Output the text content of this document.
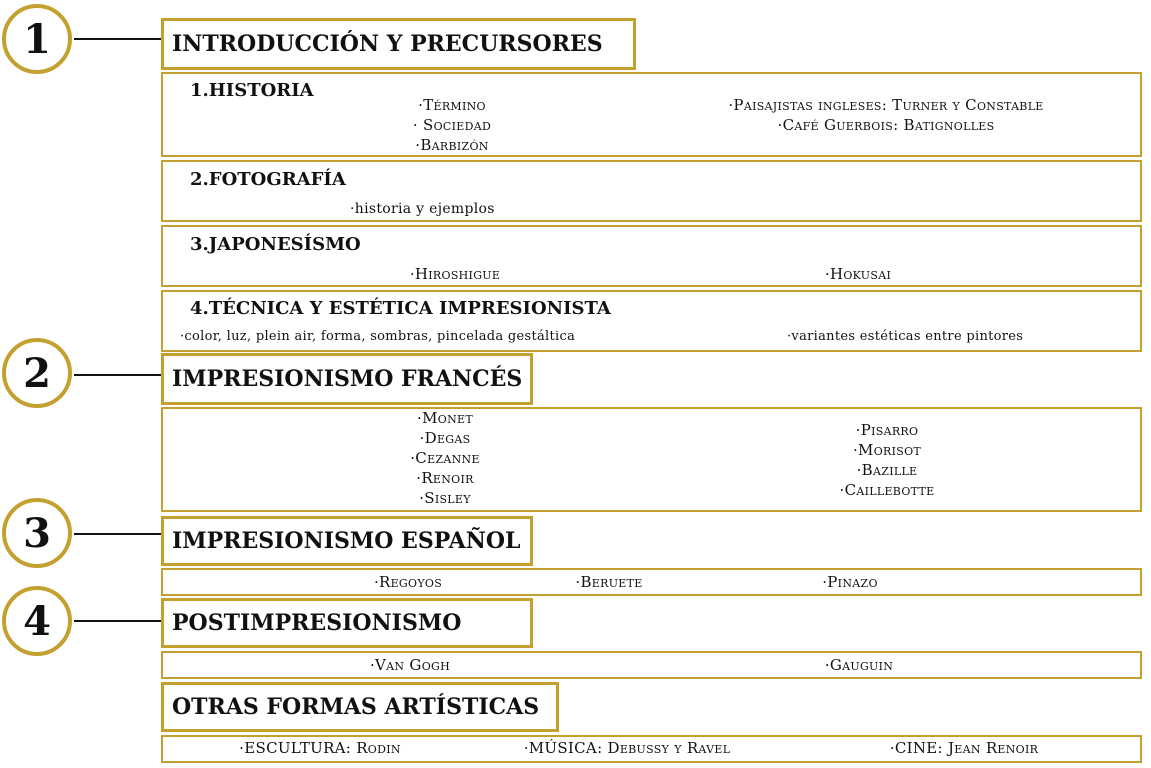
1
2
3
4
INTRODUCCIÓN Y PRECURSORES
1.HISTORIA
·Término
· Sociedad
·Barbizón
·Paisajistas ingleses: Turner y Constable
·Café Guerbois: Batignolles
2.FOTOGRAFÍA
·historia y ejemplos
3.JAPONESÍSMO
·Hiroshigue	·Hokusai
4.TÉCNICA Y ESTÉTICA IMPRESIONISTA
·color, luz, plein air, forma, sombras, pincelada gestáltica	·variantes estéticas entre pintores
IMPRESIONISMO FRANCÉS
·Monet
·Degas
·Cezanne
·Renoir
·Sisley
·Pisarro
·Morisot
·Bazille
·Caillebotte
IMPRESIONISMO ESPAÑOL
·Regoyos	·Beruete	·Pinazo
POSTIMPRESIONISMO
·Van Gogh	·Gauguin
OTRAS FORMAS ARTÍSTICAS
·ESCULTURA: Rodin	·MÚSICA: Debussy y Ravel	·CINE: Jean Renoir
